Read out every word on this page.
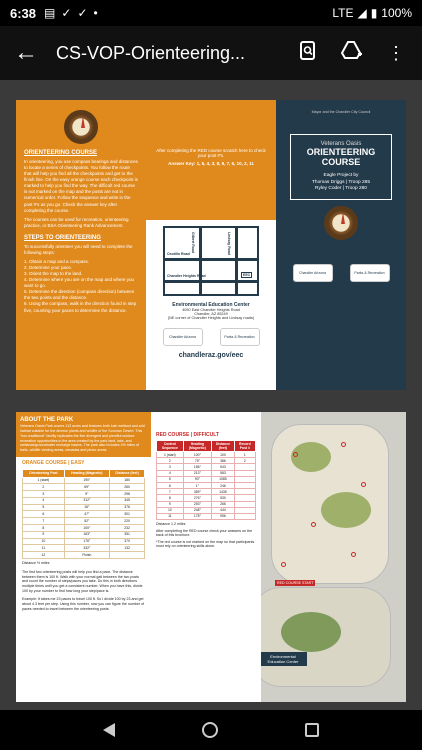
6:38 ▤ ✓ ✓ •	LTE ◢ ▮ 100%
←	CS-VOP-Orienteering...	⋮
ORIENTEERING COURSE
In orienteering, you use compass bearings and distances to locate a series of checkpoints. You follow the route that will help you find all the checkpoints and get to the finish line. On the easy orange course each checkpoint is marked to help you find the way. The difficult red course is not marked on the map and the posts are not in numerical order. Follow the sequence and write in the post #'s as you go. Check the answer key after completing the course.
The courses can be used for recreation, orienteering practice, or BSA Orienteering Rank Advancement.
STEPS TO ORIENTEERING
To successfully orienteer you will need to complete the following steps:
1. Obtain a map and a compass.
2. Determine your pace.
3. Orient the map to the land.
4. Determine where you are on the map and where you want to go.
5. Determine the direction (compass direction) between the two points and the distance.
6. Using the compass, walk in the direction found in step five, counting your paces to determine the distance.
After completing the RED course scratch here to check your post #'s.
Answer Key: 1, 5, 4, 3, 8, 9, 7, 6, 10, 2, 11
Gilbert Road	Lindsay Road
Ocotillo Road
Chandler Heights Road	EEC
Environmental Education Center
4050 East Chandler Heights Road
Chandler, AZ 85249
(NE corner of Chandler Heights and Lindsay roads)
Chandler Arizona	Parks & Recreation
chandleraz.gov/eec
Mayor and the Chandler City Council
Veterans Oasis
ORIENTEERING
COURSE
Eagle Project by
Thomas Driggs | Troop 285
Ryley Coder | Troop 280
Chandler Arizona	Parks & Recreation
ABOUT THE PARK
Veterans Oasis Park covers 113 acres and features both lush wetland and arid habitat suitable for the diverse plants and wildlife of the Sonoran Desert. This "non-traditional" facility replicates the five divergent and plentiful outdoor recreation opportunities in the area created by the park land, lake, and wetlands/groundwater recharge basins. The park also includes 4½ miles of trails, wildlife viewing areas, ramadas and photo areas.
ORANGE COURSE | EASY
Orienteering Post	Heading (Magnetic)	Distance (feet)
1 (start)	190°	180
2	69°	260
3	9°	298
4	312°	345
5	16°	376
6	47°	301
7	52°	220
8	100°	232
9	163°	351
10	176°	370
11	332°	132
12	Finish	
Distance ½ miles
The first two orienteering posts will help you find a pace. The distance between them is 100 ft. Walk with your normal gait between the two posts and count the number of steps/paces you take. Do this in both directions multiple times until you get a consistent number. When you have this, divide 100 by your number to find how long your step/pace is.
Example: It takes me 23 paces to travel 100 ft. So I divide 100 by 23 and get about 4.3 feet per step. Using this number, now you can figure the number of paces needed to travel between the orienteering posts.
RED COURSE | DIFFICULT
Control Sequence	Heading (Magnetic)	Distance (feet)	Record Post #
1 (start)	100°	100	1
2	75°	386	2
3	156°	543	
4	213°	583	
5	90°	1085	
6	1°	246	
7	359°	1435	
8	276°	530	
9	253°	266	
10	248°	444	
11	178°	956	
Distance 1.2 miles
After completing the RED course check your answers on the back of this brochure.
*The red course is not marked on the map so that participants must rely on orienteering skills alone.
RED COURSE START
Environmental Education Center
